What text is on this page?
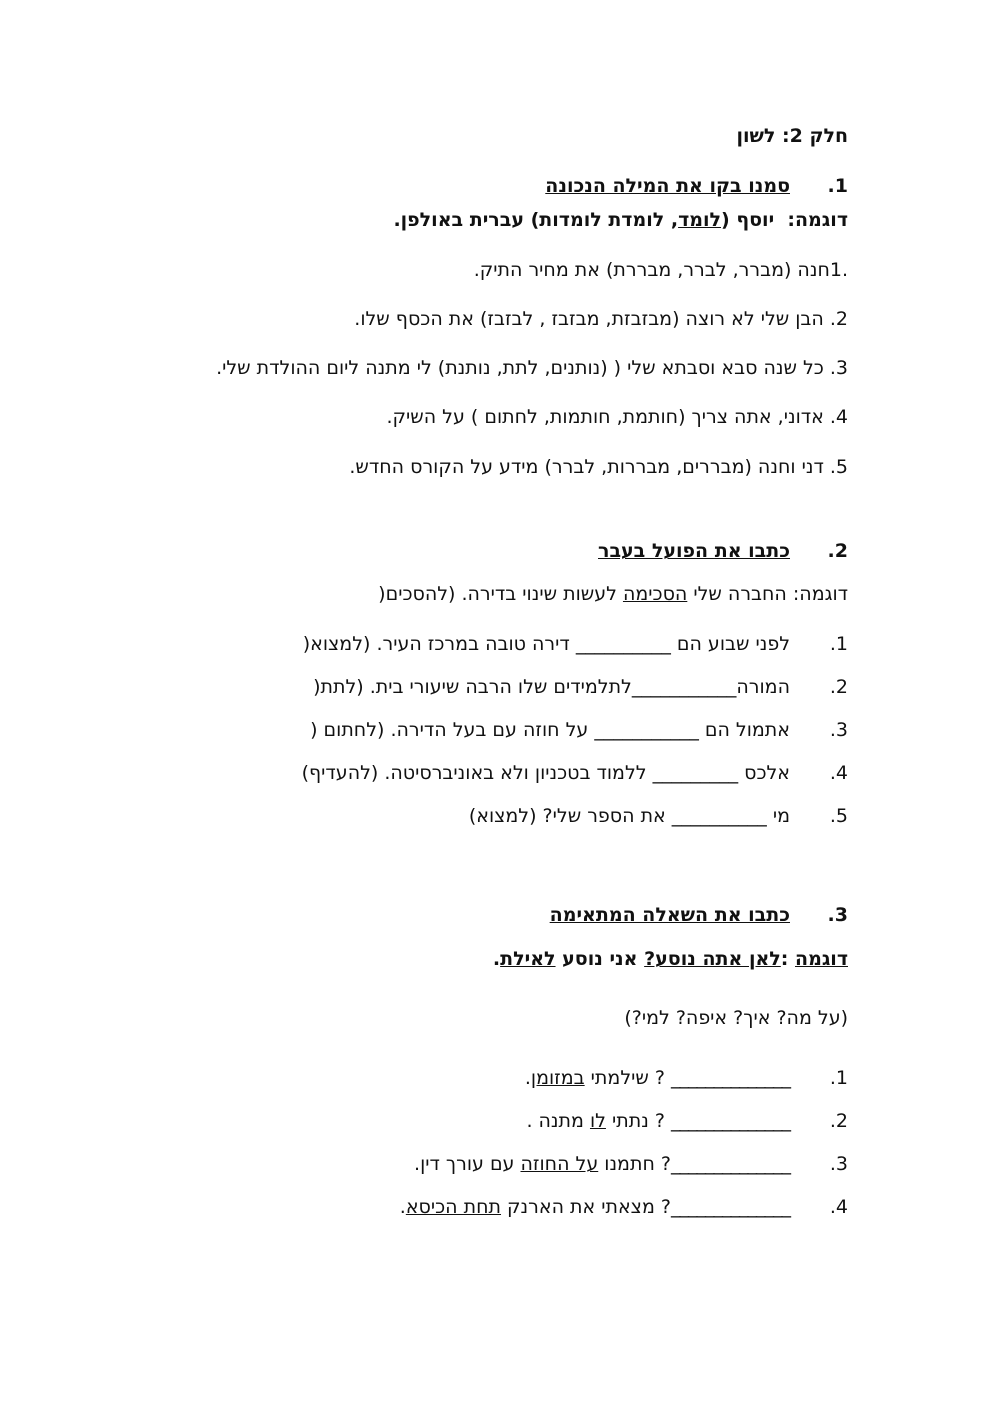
חלק 2: לשון
1.סמנו בקו את המילה הנכונה
דוגמה:  יוסף (לומד, לומדת לומדות) עברית באולפן.
.1חנה (מברר, לברר, מבררת) את מחיר התיק.
2. הבן שלי לא רוצה (מבזבזת, מבזבז , לבזבז) את הכסף שלו.
3. כל שנה סבא וסבתא שלי ( (נותנים, לתת, נותנת) לי מתנה ליום ההולדת שלי.
4. אדוני, אתה צריך (חותמת, חותמות, לחתום ) על השיק.
5. דני וחנה (מבררים, מבררות, לברר) מידע על הקורס החדש.
2.כתבו את הפועל בעבר
דוגמה: החברה שלי הסכימה לעשות שינוי בדירה. (להסכים(
1.לפני שבוע הם __________ דירה טובה במרכז העיר. (למצוא(
2.המורה___________לתלמידים שלו הרבה שיעורי בית. (לתת(
3.אתמול הם ___________ על חוזה עם בעל הדירה. (לחתום (
4.אלכס _________ ללמוד בטכניון ולא באוניברסיטה. (להעדיף)
5.מי __________ את הספר שלי? (למצוא)
3.כתבו את השאלה המתאימה
דוגמה :לאן אתה נוסע? אני נוסע לאילת.
(על מה? איך? איפה? למי?)
1.______________ ? שילמתי במזומן.
2.______________ ? נתתי לו מתנה .
3.______________? חתמנו על החוזה עם עורך דין.
4.______________? מצאתי את הארנק תחת הכיסא.
